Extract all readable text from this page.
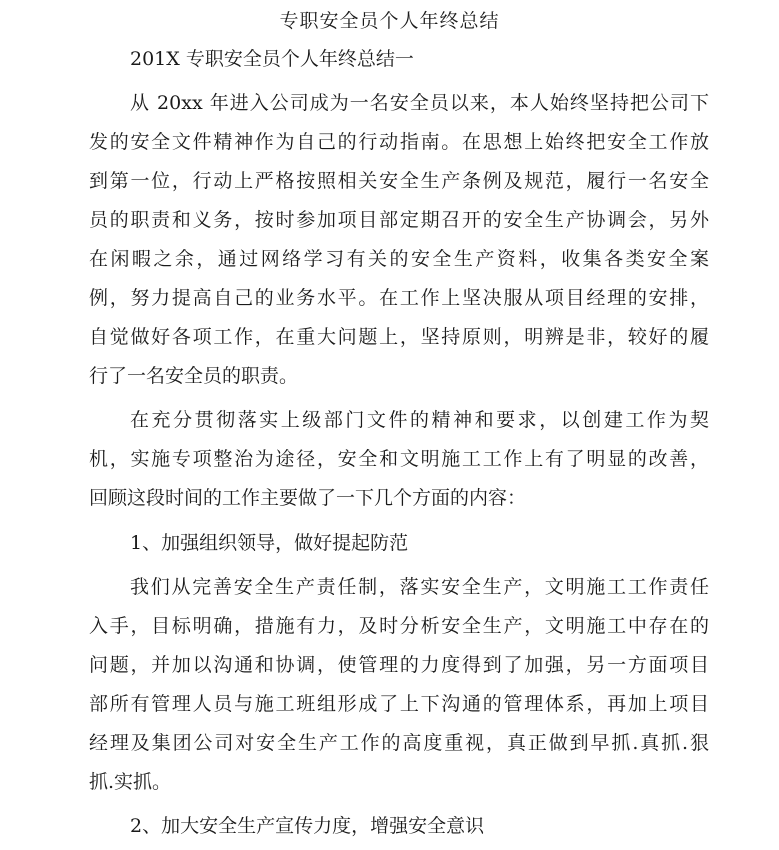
专职安全员个人年终总结
201X 专职安全员个人年终总结一
从 20xx 年进入公司成为一名安全员以来，本人始终坚持把公司下
发的安全文件精神作为自己的行动指南。在思想上始终把安全工作放
到第一位，行动上严格按照相关安全生产条例及规范，履行一名安全
员的职责和义务，按时参加项目部定期召开的安全生产协调会，另外
在闲暇之余，通过网络学习有关的安全生产资料，收集各类安全案
例，努力提高自己的业务水平。在工作上坚决服从项目经理的安排，
自觉做好各项工作，在重大问题上，坚持原则，明辨是非，较好的履
行了一名安全员的职责。
在充分贯彻落实上级部门文件的精神和要求，以创建工作为契
机，实施专项整治为途径，安全和文明施工工作上有了明显的改善，
回顾这段时间的工作主要做了一下几个方面的内容：
1、加强组织领导，做好提起防范
我们从完善安全生产责任制，落实安全生产，文明施工工作责任
入手，目标明确，措施有力，及时分析安全生产，文明施工中存在的
问题，并加以沟通和协调，使管理的力度得到了加强，另一方面项目
部所有管理人员与施工班组形成了上下沟通的管理体系，再加上项目
经理及集团公司对安全生产工作的高度重视，真正做到早抓.真抓.狠
抓.实抓。
2、加大安全生产宣传力度，增强安全意识
